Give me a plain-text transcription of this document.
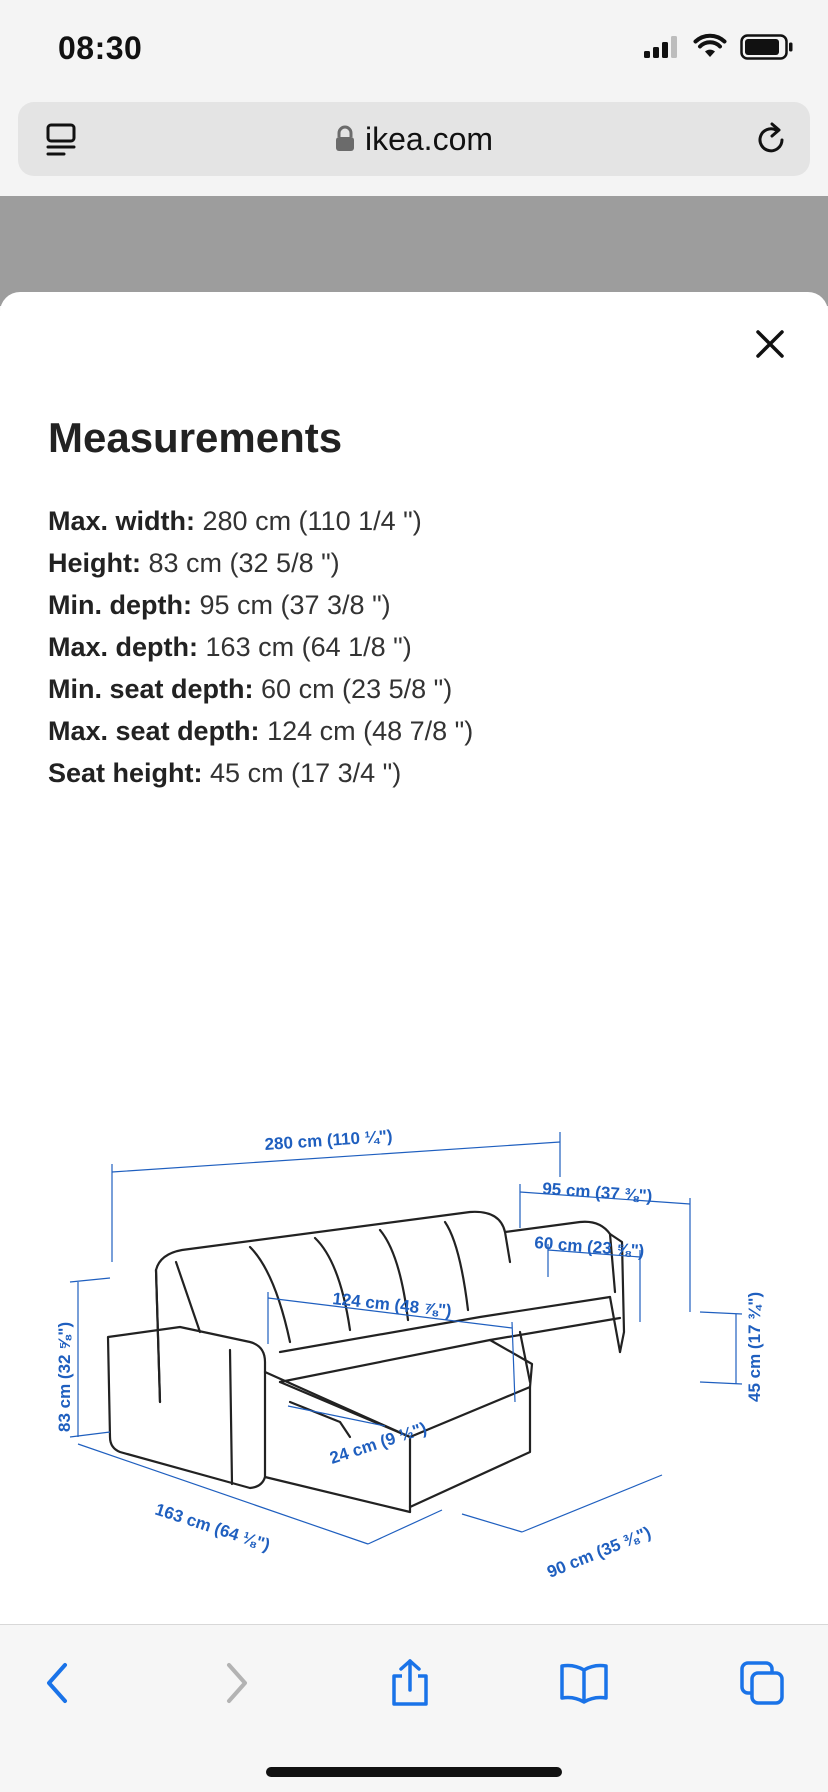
08:30
ikea.com
Measurements
Max. width: 280 cm (110 1/4 ")
Height: 83 cm (32 5/8 ")
Min. depth: 95 cm (37 3/8 ")
Max. depth: 163 cm (64 1/8 ")
Min. seat depth: 60 cm (23 5/8 ")
Max. seat depth: 124 cm (48 7/8 ")
Seat height: 45 cm (17 3/4 ")
280 cm (110 ¼")
95 cm (37 ⅜")
60 cm (23 ⅝")
124 cm (48 ⅞")
83 cm (32 ⅝")	45 cm (17 ¾")
24 cm (9 ½")
163 cm (64 ⅛")	90 cm (35 ⅜")
